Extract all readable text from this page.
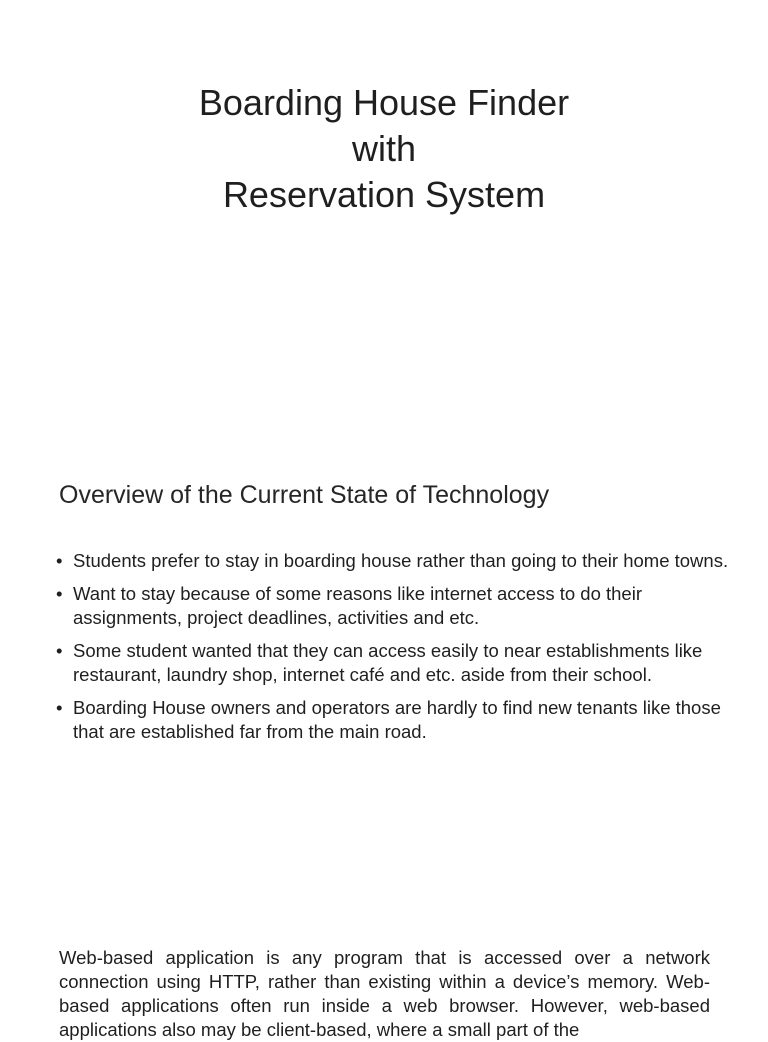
Boarding House Finder
with
Reservation System
Overview of the Current State of Technology
• Students prefer to stay in boarding house rather than going to their home towns.
• Want to stay because of some reasons like internet access to do their assignments, project deadlines, activities and etc.
• Some student wanted that they can access easily to near establishments like restaurant, laundry shop, internet café and etc. aside from their school.
• Boarding House owners and operators are hardly to find new tenants like those that are established far from the main road.

Web-based application is any program that is accessed over a network connection using HTTP, rather than existing within a device’s memory. Web-based applications often run inside a web browser. However, web-based applications also may be client-based, where a small part of the
